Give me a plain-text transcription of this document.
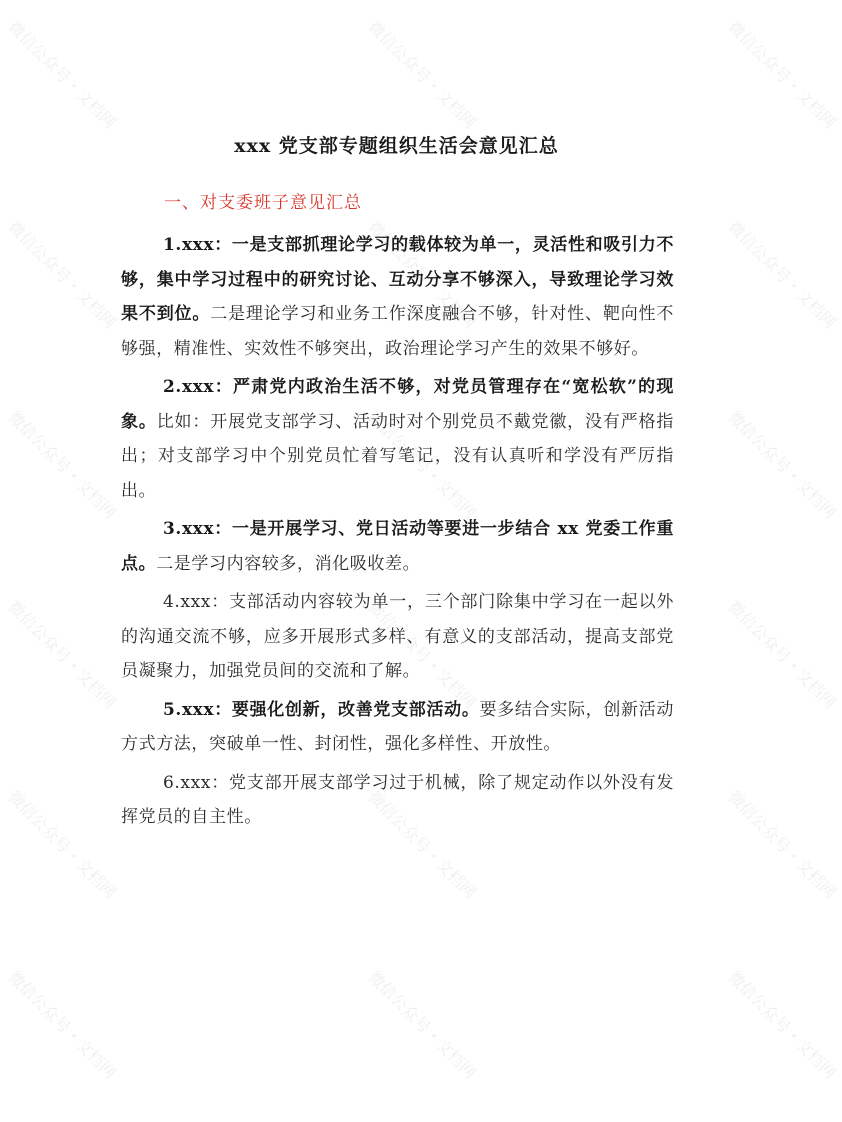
微信公众号・文档网	微信公众号・文档网	微信公众号・文档网
微信公众号・文档网	微信公众号・文档网	微信公众号・文档网
微信公众号・文档网	微信公众号・文档网	微信公众号・文档网
微信公众号・文档网	微信公众号・文档网	微信公众号・文档网
微信公众号・文档网	微信公众号・文档网	微信公众号・文档网
微信公众号・文档网	微信公众号・文档网	微信公众号・文档网
xxx 党支部专题组织生活会意见汇总
一、对支委班子意见汇总

1.xxx：一是支部抓理论学习的载体较为单一，灵活性和吸引力不够，集中学习过程中的研究讨论、互动分享不够深入，导致理论学习效果不到位。二是理论学习和业务工作深度融合不够，针对性、靶向性不够强，精准性、实效性不够突出，政治理论学习产生的效果不够好。

2.xxx：严肃党内政治生活不够，对党员管理存在“宽松软”的现象。比如：开展党支部学习、活动时对个别党员不戴党徽，没有严格指出；对支部学习中个别党员忙着写笔记，没有认真听和学没有严厉指出。

3.xxx：一是开展学习、党日活动等要进一步结合 xx 党委工作重点。二是学习内容较多，消化吸收差。

4.xxx：支部活动内容较为单一，三个部门除集中学习在一起以外的沟通交流不够，应多开展形式多样、有意义的支部活动，提高支部党员凝聚力，加强党员间的交流和了解。

5.xxx：要强化创新，改善党支部活动。要多结合实际，创新活动方式方法，突破单一性、封闭性，强化多样性、开放性。

6.xxx：党支部开展支部学习过于机械，除了规定动作以外没有发挥党员的自主性。
